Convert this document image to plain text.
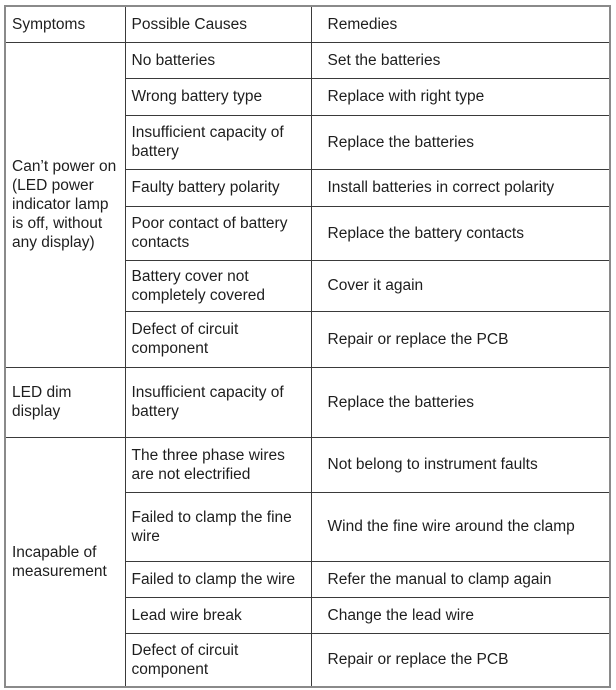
Symptoms	Possible Causes	Remedies
Can’t power on (LED power indicator lamp is off, without any display)	No batteries	Set the batteries
	Wrong battery type	Replace with right type
	Insufficient capacity of battery	Replace the batteries
	Faulty battery polarity	Install batteries in correct polarity
	Poor contact of battery contacts	Replace the battery contacts
	Battery cover not completely covered	Cover it again
	Defect of circuit component	Repair or replace the PCB
LED dim display	Insufficient capacity of battery	Replace the batteries
Incapable of measurement	The three phase wires are not electrified	Not belong to instrument faults
	Failed to clamp the fine wire	Wind the fine wire around the clamp
	Failed to clamp the wire	Refer the manual to clamp again
	Lead wire break	Change the lead wire
	Defect of circuit component	Repair or replace the PCB
